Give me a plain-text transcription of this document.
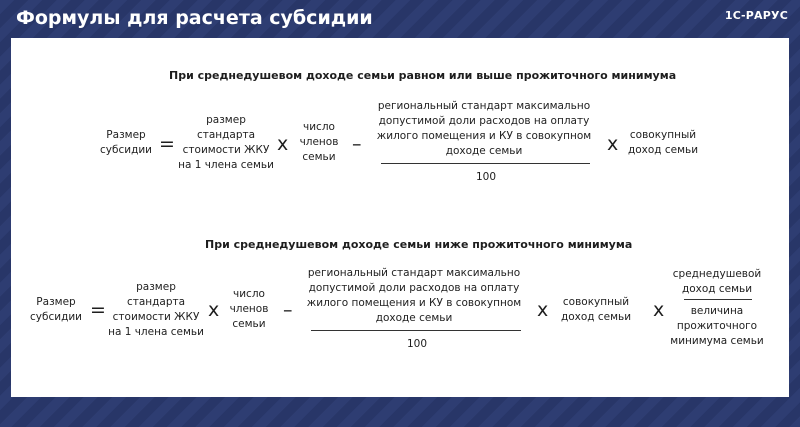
Формулы для расчета субсидии	1С-РАРУС
При среднедушевом доходе семьи равном или выше прожиточного минимума
Размер
субсидии =
размер
стандарта
стоимости ЖКУ
на 1 члена семьи
x
число
членов
семьи
–
региональный стандарт максимально
допустимой доли расходов на оплату
жилого помещения и КУ в совокупном
доходе семьи
100
x	совокупный
доход семьи
При среднедушевом доходе семьи ниже прожиточного минимума
Размер
субсидии =
размер
стандарта
стоимости ЖКУ
на 1 члена семьи
x
число
членов
семьи
–
региональный стандарт максимально
допустимой доли расходов на оплату
жилого помещения и КУ в совокупном
доходе семьи
100
x	совокупный
доход семьи x
среднедушевой
доход семьи
величина
прожиточного
минимума семьи
